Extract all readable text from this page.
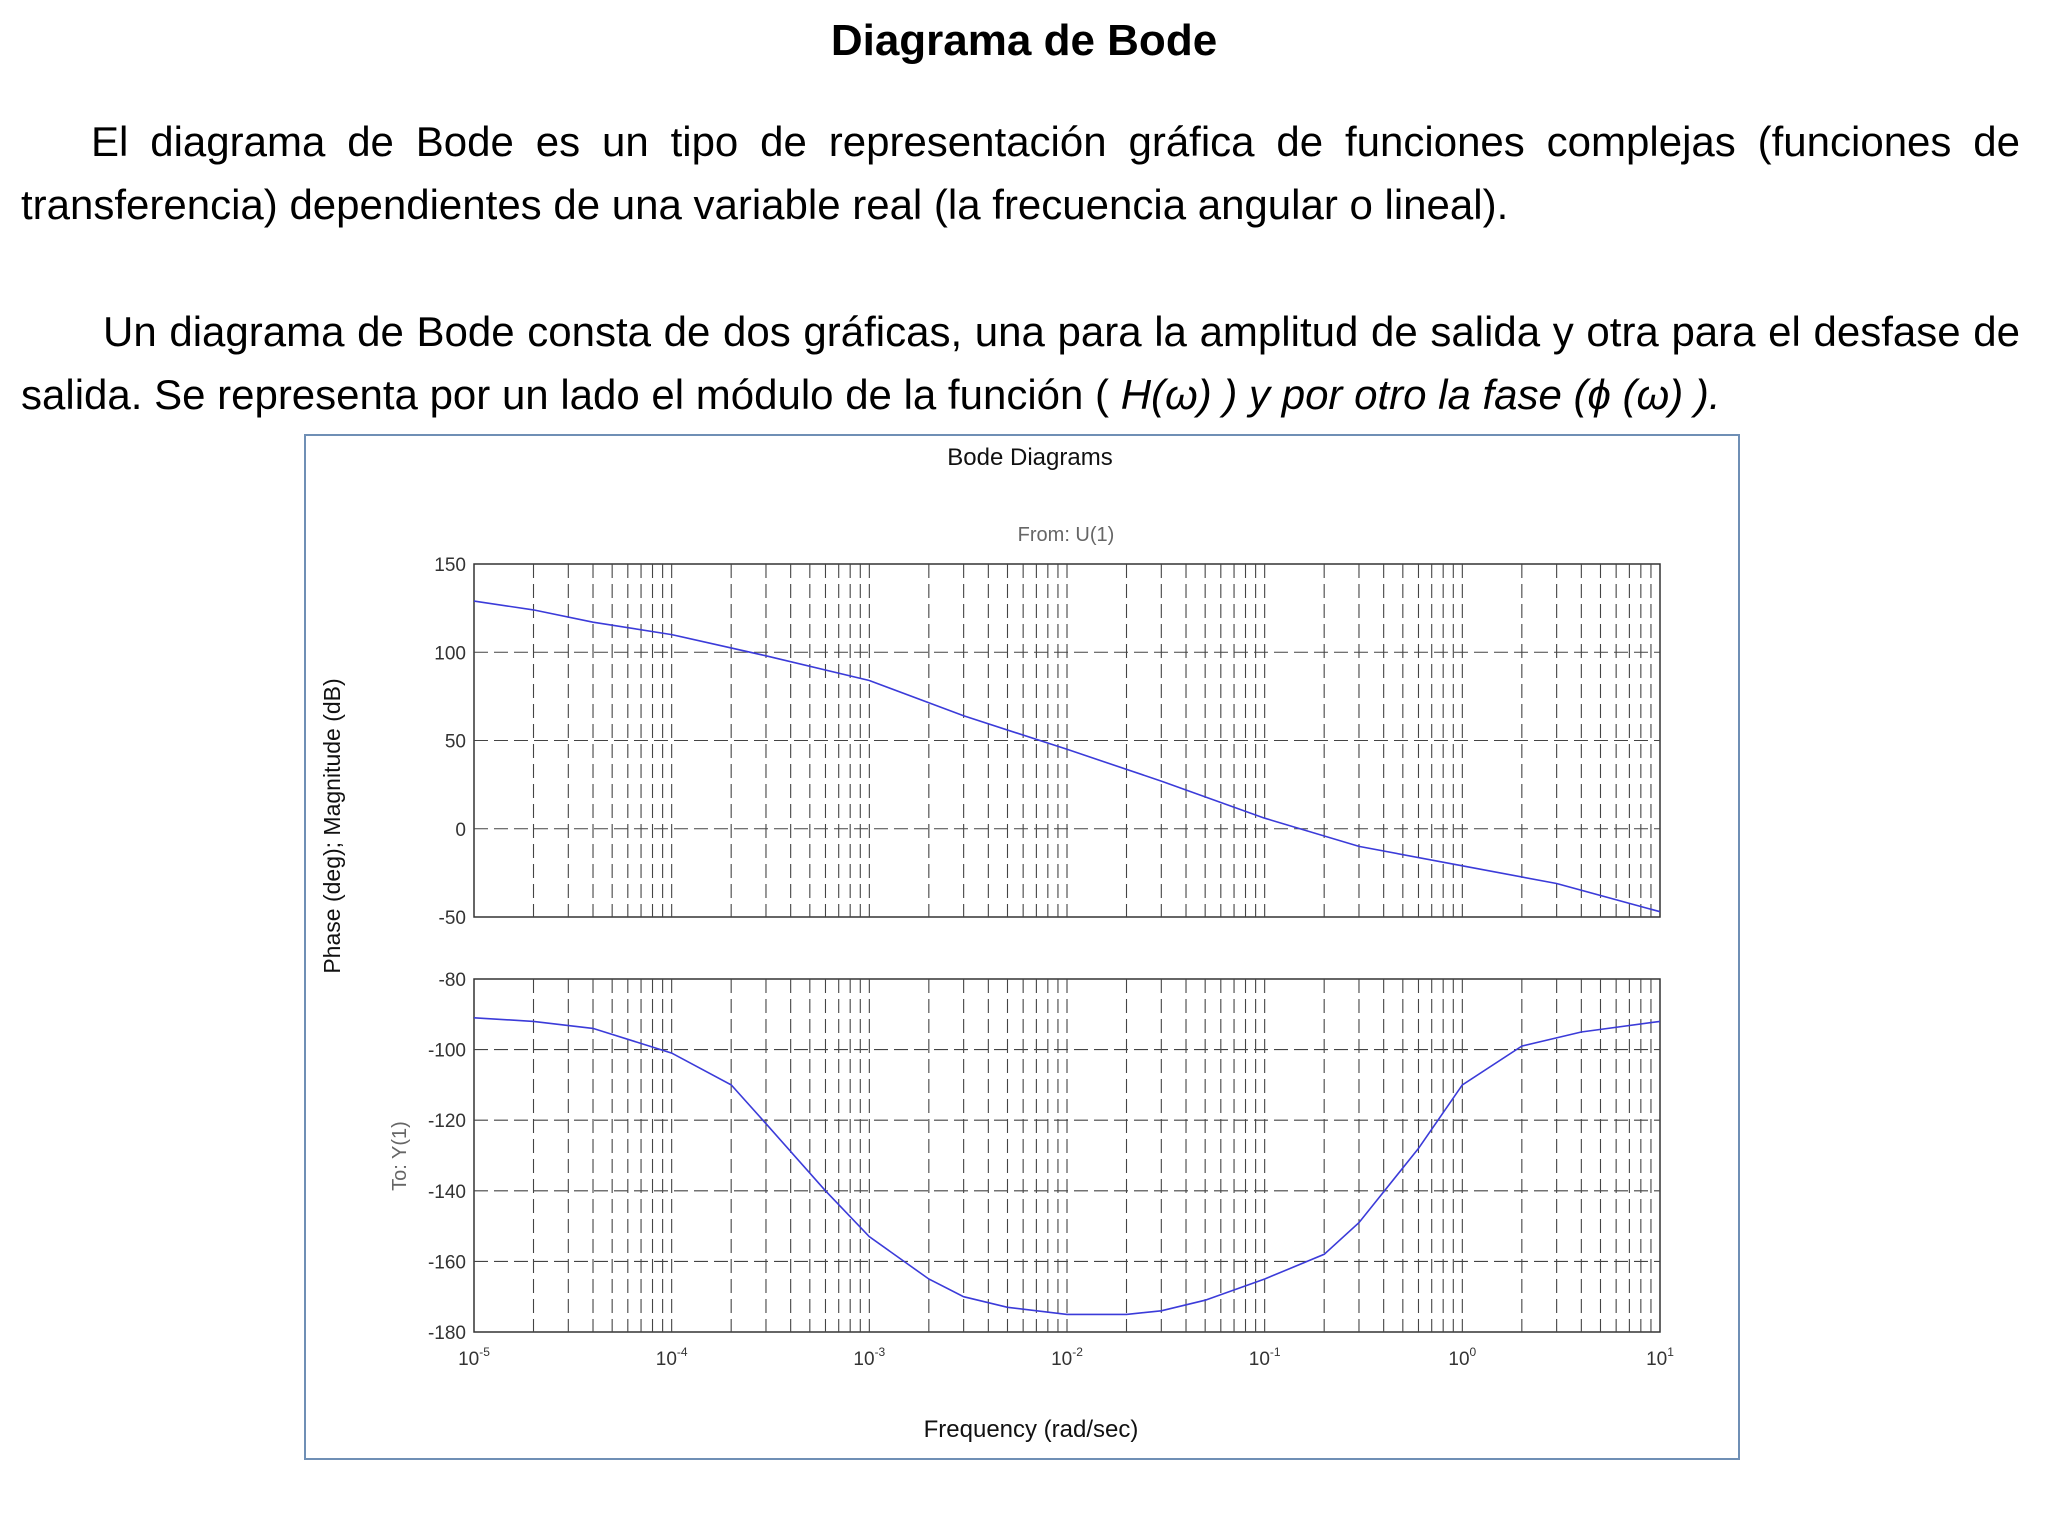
Diagrama de Bode

El diagrama de Bode es un tipo de representación gráfica de funciones complejas (funciones de transferencia) dependientes de una variable real (la frecuencia angular o lineal).

Un diagrama de Bode consta de dos gráficas, una para la amplitud de salida y otra para el desfase de salida. Se representa por un lado el módulo de la función ( H(ω) ) y por otro la fase (ϕ (ω) ).

Bode Diagrams
From: U(1)
Frequency (rad/sec)
Phase (deg); Magnitude (dB)
To: Y(1)
150
100
50
0
-50
-80
-100
-120
-140
-160
-180
$10^{-5}$	$10^{-4}$	$10^{-3}$	$10^{-2}$	$10^{-1}$	$10^0$	$10^1$
